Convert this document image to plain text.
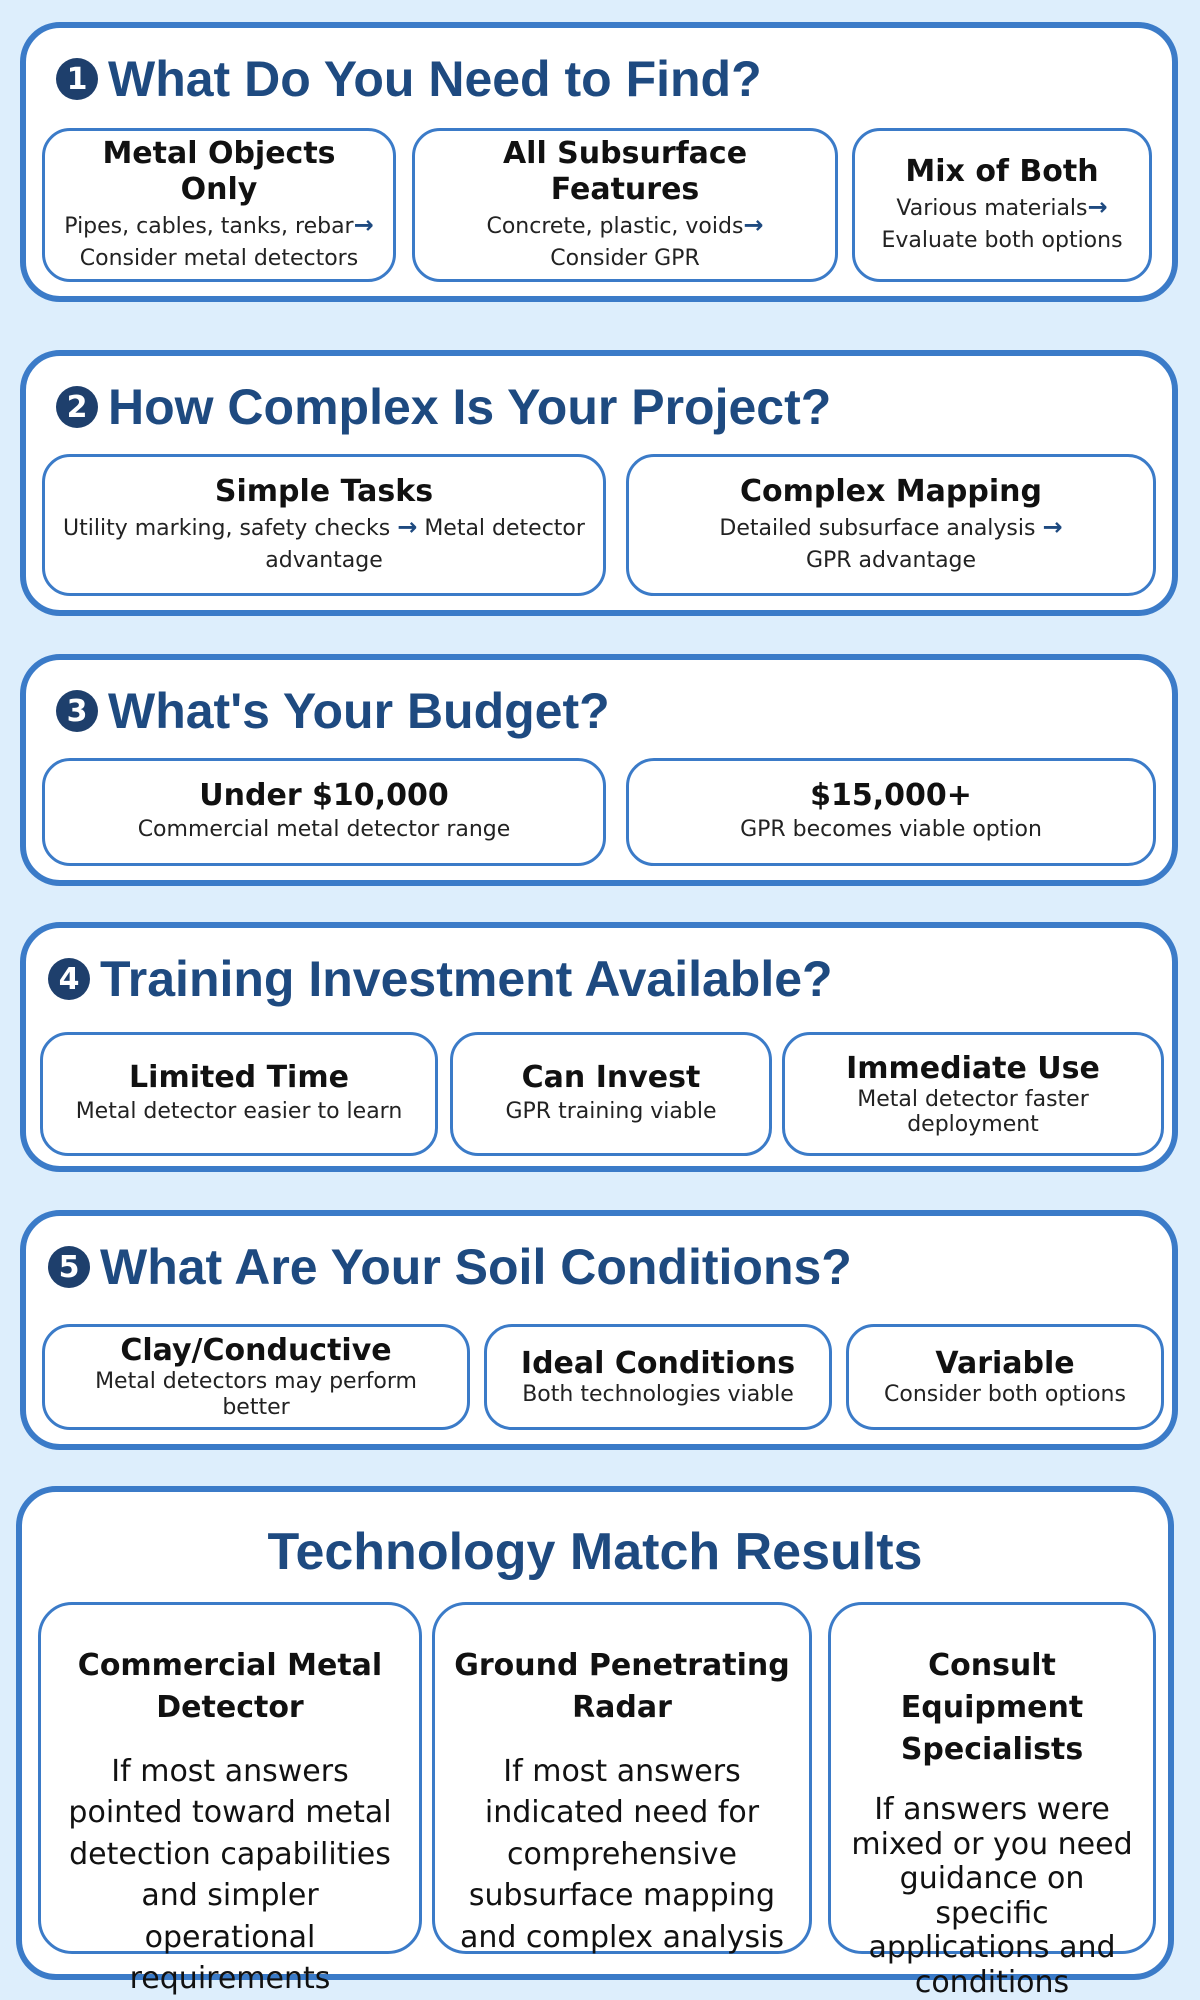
1 What Do You Need to Find?
Metal Objects Only
Pipes, cables, tanks, rebar→
Consider metal detectors
All Subsurface Features
Concrete, plastic, voids→
Consider GPR
Mix of Both
Various materials→
Evaluate both options
2 How Complex Is Your Project?
Simple Tasks
Utility marking, safety checks → Metal detector advantage
Complex Mapping
Detailed subsurface analysis →
GPR advantage
3 What's Your Budget?
Under $10,000
Commercial metal detector range
$15,000+
GPR becomes viable option
4 Training Investment Available?
Limited Time
Metal detector easier to learn
Can Invest
GPR training viable
Immediate Use
Metal detector faster deployment
5 What Are Your Soil Conditions?
Clay/Conductive
Metal detectors may perform better
Ideal Conditions
Both technologies viable
Variable
Consider both options
Technology Match Results
Commercial Metal Detector
If most answers pointed toward metal detection capabilities and simpler operational requirements
Ground Penetrating Radar
If most answers indicated need for comprehensive subsurface mapping and complex analysis
Consult Equipment Specialists
If answers were mixed or you need guidance on specific applications and conditions
